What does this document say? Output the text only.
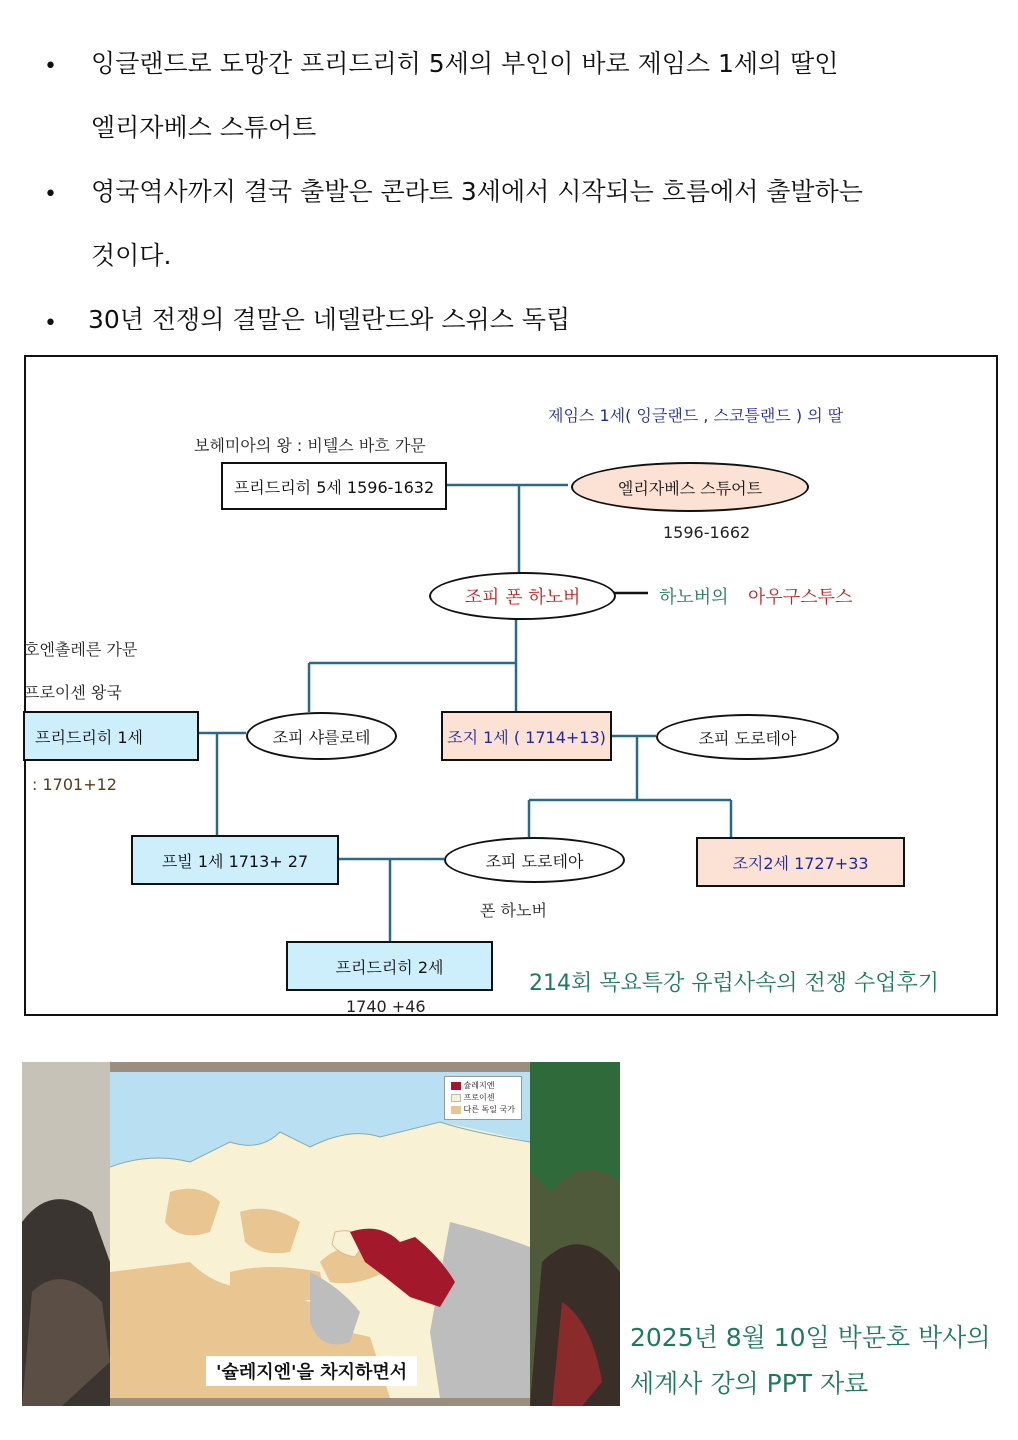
• 잉글랜드로 도망간 프리드리히 5세의 부인이 바로 제임스 1세의 딸인
엘리자베스 스튜어트
• 영국역사까지 결국 출발은 콘라트 3세에서 시작되는 흐름에서 출발하는
것이다.
• 30년 전쟁의 결말은 네델란드와 스위스 독립
제임스 1세( 잉글랜드 , 스코틀랜드 ) 의 딸
보헤미아의 왕 : 비텔스 바흐 가문
프리드리히 5세 1596-1632	엘리자베스 스튜어트
1596-1662
조피 폰 하노버	하노버의 아우구스투스
호엔촐레른 가문
프로이센 왕국
프리드리히 1세
: 1701+12
조피 샤를로테	조지 1세 ( 1714+13)	조피 도로테아
프빌 1세 1713+ 27	조피 도로테아
폰 하노버
조지2세 1727+33
프리드리히 2세
1740 +46
214회 목요특강 유럽사속의 전쟁 수업후기
슐레지엔
프로이센
다른 독일 국가
'슐레지엔'을 차지하면서
2025년 8월 10일 박문호 박사의
세계사 강의 PPT 자료
